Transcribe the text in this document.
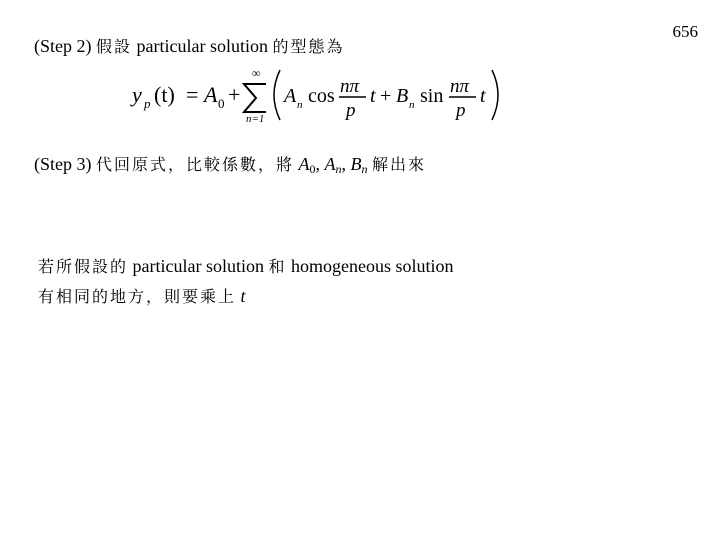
656
(Step 2) 假設 particular solution 的型態為
y p (t) = A 0 +
∞
n=1
A n cos nπ
p
t + B n sin nπ
p
t
(Step 3) 代回原式，比較係數，將 $A_0$, $A_n$, $B_n$ 解出來
若所假設的 particular solution 和 homogeneous solution
有相同的地方，則要乘上 t
